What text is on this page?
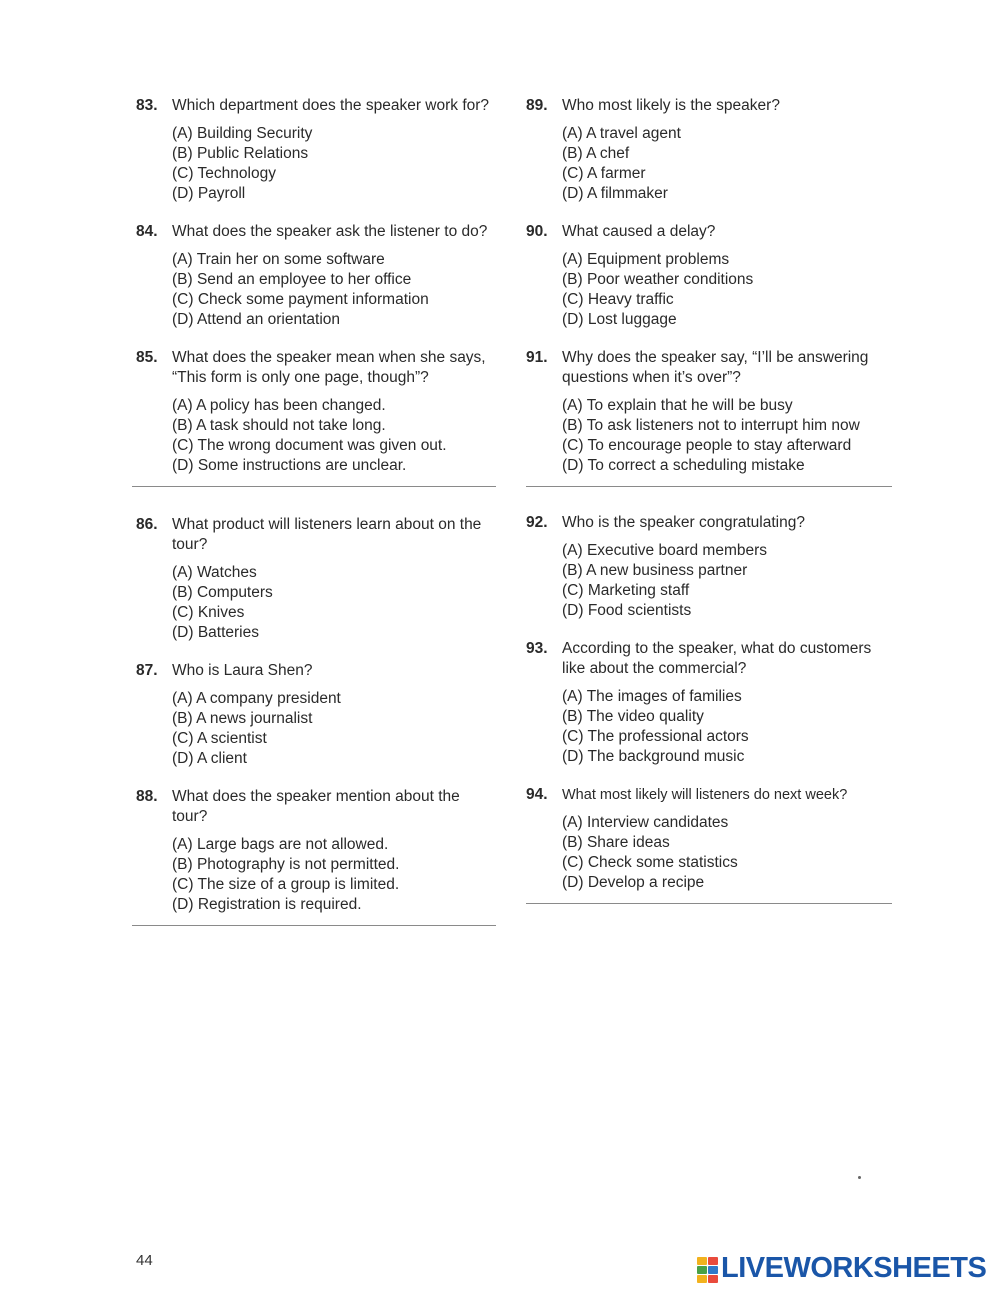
83. Which department does the speaker work for?
(A) Building Security
(B) Public Relations
(C) Technology
(D) Payroll
84. What does the speaker ask the listener to do?
(A) Train her on some software
(B) Send an employee to her office
(C) Check some payment information
(D) Attend an orientation
85. What does the speaker mean when she says, “This form is only one page, though”?
(A) A policy has been changed.
(B) A task should not take long.
(C) The wrong document was given out.
(D) Some instructions are unclear.
86. What product will listeners learn about on the tour?
(A) Watches
(B) Computers
(C) Knives
(D) Batteries
87. Who is Laura Shen?
(A) A company president
(B) A news journalist
(C) A scientist
(D) A client
88. What does the speaker mention about the tour?
(A) Large bags are not allowed.
(B) Photography is not permitted.
(C) The size of a group is limited.
(D) Registration is required.
89. Who most likely is the speaker?
(A) A travel agent
(B) A chef
(C) A farmer
(D) A filmmaker
90. What caused a delay?
(A) Equipment problems
(B) Poor weather conditions
(C) Heavy traffic
(D) Lost luggage
91. Why does the speaker say, “I’ll be answering questions when it’s over”?
(A) To explain that he will be busy
(B) To ask listeners not to interrupt him now
(C) To encourage people to stay afterward
(D) To correct a scheduling mistake
92. Who is the speaker congratulating?
(A) Executive board members
(B) A new business partner
(C) Marketing staff
(D) Food scientists
93. According to the speaker, what do customers like about the commercial?
(A) The images of families
(B) The video quality
(C) The professional actors
(D) The background music
94. What most likely will listeners do next week?
(A) Interview candidates
(B) Share ideas
(C) Check some statistics
(D) Develop a recipe
44	LIVEWORKSHEETS
